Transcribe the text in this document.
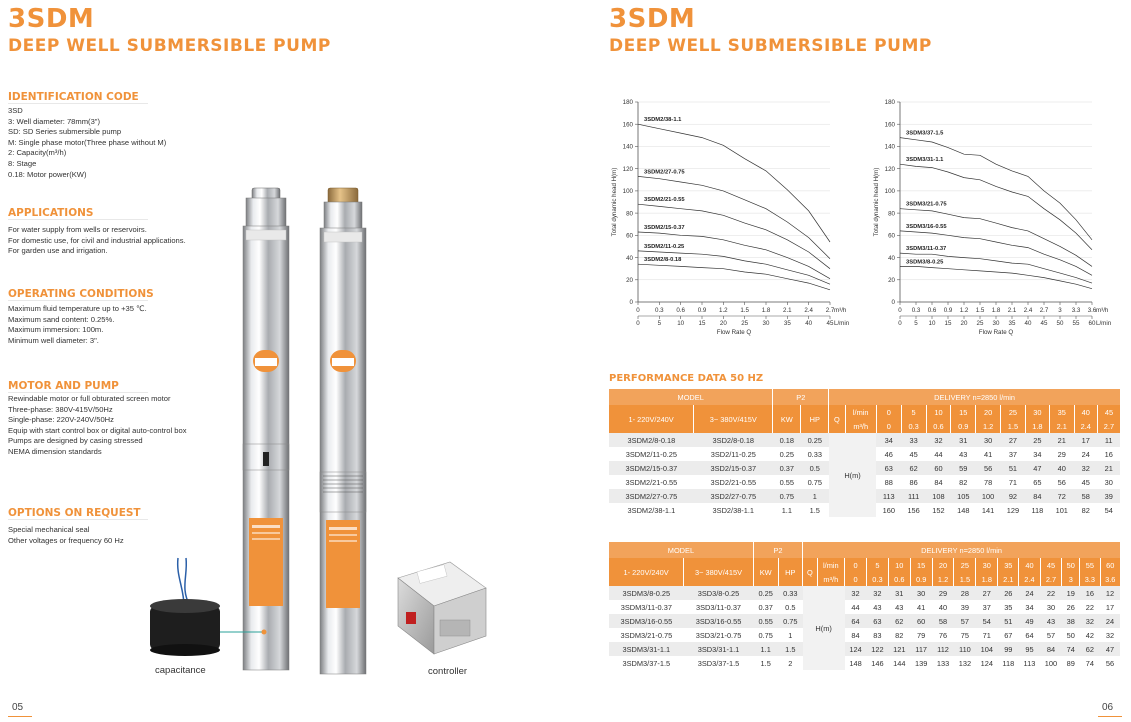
3SDM
DEEP WELL SUBMERSIBLE PUMP
IDENTIFICATION CODE
3SD
3: Well diameter: 78mm(3")
SD: SD Series submersible pump
M: Single phase motor(Three phase without M)
2: Capacity(m³/h)
8: Stage
0.18: Motor power(KW)
APPLICATIONS
For water supply from wells or reservoirs.
For domestic use, for civil and industrial applications.
For garden use and irrigation.
OPERATING CONDITIONS
Maximum fluid temperature up to +35 ℃.
Maximum sand content: 0.25%.
Maximum immersion: 100m.
Minimum well diameter: 3".
MOTOR AND PUMP
Rewindable motor or full obturated screen motor
Three-phase: 380V-415V/50Hz
Single-phase: 220V-240V/50Hz
Equip with start control box or digital auto-control box
Pumps are designed by casing stressed
NEMA dimension standards
OPTIONS ON REQUEST
Special mechanical seal
Other voltages or frequency 60 Hz
capacitance	controller
05
3SDM
DEEP WELL SUBMERSIBLE PUMP
0
20
40
60
80
100
120
140
160
180
0 0.3 0.6 0.9 1.2 1.5 1.8 2.1 2.4 2.7 m³/h
0	5	10 15 20 25 30 35 40 45 L/min
Flow Rate Q
Total dynamic head H(m)
3SDM2/38-1.1
3SDM2/27-0.75
3SDM2/21-0.55
3SDM2/15-0.37
3SDM2/11-0.25
3SDM2/8-0.18
0
20
40
60
80
100
120
140
160
180
0 0.3 0.6 0.9 1.2 1.5 1.8 2.1 2.4 2.7 3 3.3 3.6 m³/h
0 5 10 15 20 25 30 35 40 45 50 55 60 L/min
Flow Rate Q
Total dynamic head H(m)
3SDM3/37-1.5
3SDM3/31-1.1
3SDM3/21-0.75
3SDM3/16-0.55
3SDM3/11-0.37
3SDM3/8-0.25
PERFORMANCE DATA 50 HZ
MODEL		P2		DELIVERY n=2850 l/min											
1- 220V/240V	3~ 380V/415V	KW	HP	Q	l/min	0	5	10	15	20	25	30	35	40	45
					m³/h	0	0.3	0.6	0.9	1.2	1.5	1.8	2.1	2.4	2.7
3SDM2/8-0.18	3SD2/8-0.18	0.18	0.25	H(m)		34	33	32	31	30	27	25	21	17	11
3SDM2/11-0.25	3SD2/11-0.25	0.25	0.33			46	45	44	43	41	37	34	29	24	16
3SDM2/15-0.37	3SD2/15-0.37	0.37	0.5			63	62	60	59	56	51	47	40	32	21
3SDM2/21-0.55	3SD2/21-0.55	0.55	0.75			88	86	84	82	78	71	65	56	45	30
3SDM2/27-0.75	3SD2/27-0.75	0.75	1			113	111	108	105	100	92	84	72	58	39
3SDM2/38-1.1	3SD2/38-1.1	1.1	1.5			160	156	152	148	141	129	118	101	82	54
MODEL		P2		DELIVERY n=2850 l/min														
1- 220V/240V	3~ 380V/415V	KW	HP	Q	l/min	0	5	10	15	20	25	30	35	40	45	50	55	60
					m³/h	0	0.3	0.6	0.9	1.2	1.5	1.8	2.1	2.4	2.7	3	3.3	3.6
3SDM3/8-0.25	3SD3/8-0.25	0.25	0.33	H(m)		32	32	31	30	29	28	27	26	24	22	19	16	12
3SDM3/11-0.37	3SD3/11-0.37	0.37	0.5			44	43	43	41	40	39	37	35	34	30	26	22	17
3SDM3/16-0.55	3SD3/16-0.55	0.55	0.75			64	63	62	60	58	57	54	51	49	43	38	32	24
3SDM3/21-0.75	3SD3/21-0.75	0.75	1			84	83	82	79	76	75	71	67	64	57	50	42	32
3SDM3/31-1.1	3SD3/31-1.1	1.1	1.5			124	122	121	117	112	110	104	99	95	84	74	62	47
3SDM3/37-1.5	3SD3/37-1.5	1.5	2			148	146	144	139	133	132	124	118	113	100	89	74	56
06
